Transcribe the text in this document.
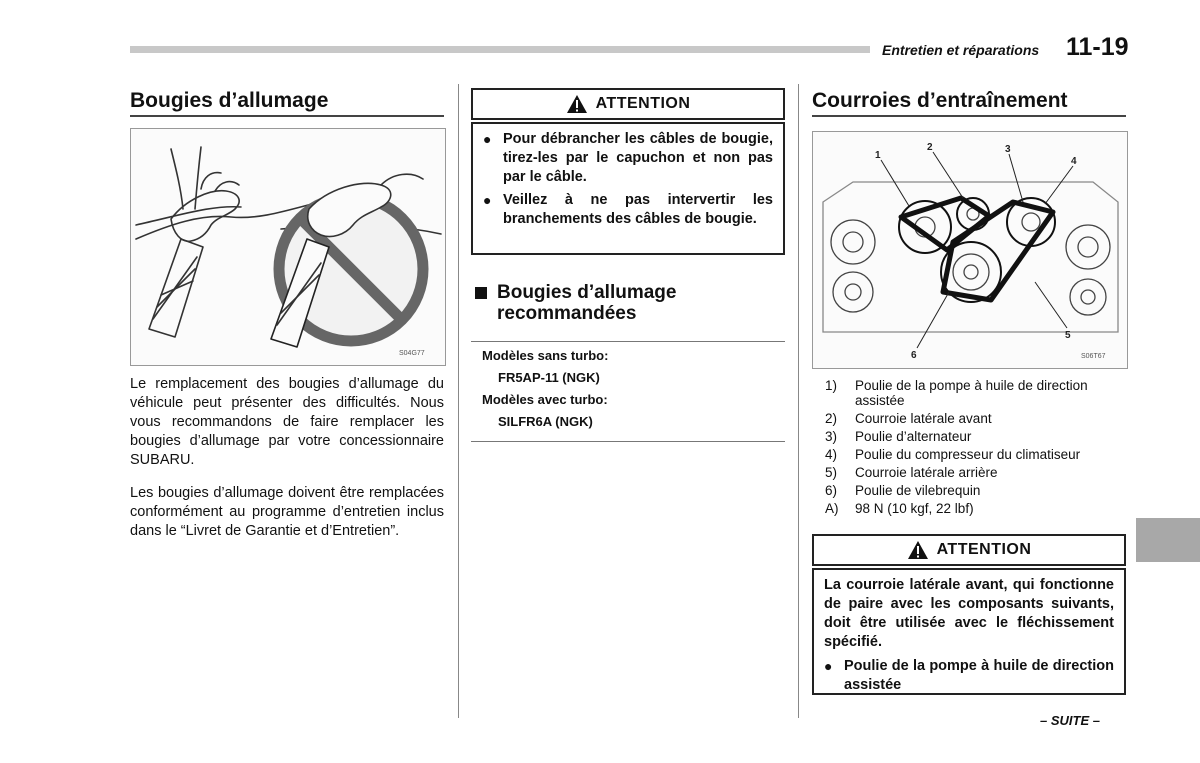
Entretien et réparations 11-19
Bougies d’allumage
S04G77
Le remplacement des bougies d’allumage du véhicule peut présenter des difficultés. Nous vous recommandons de faire remplacer les bougies d’allumage par votre concessionnaire SUBARU.
Les bougies d’allumage doivent être remplacées conformément au programme d’entretien inclus dans le “Livret de Garantie et d’Entretien”.
ATTENTION
● Pour débrancher les câbles de bougie, tirez-les par le capuchon et non pas par le câble.
● Veillez à ne pas intervertir les branchements des câbles de bougie.
Bougies d’allumage recommandées
Modèles sans turbo:
FR5AP-11 (NGK)
Modèles avec turbo:
SILFR6A (NGK)
Courroies d’entraînement
1
2	3
4
5
6	S06T67
1)	Poulie de la pompe à huile de direction assistée
2)	Courroie latérale avant
3)	Poulie d’alternateur
4)	Poulie du compresseur du climatiseur
5)	Courroie latérale arrière
6)	Poulie de vilebrequin
A)	98 N (10 kgf, 22 lbf)
ATTENTION
La courroie latérale avant, qui fonctionne de paire avec les composants suivants, doit être utilisée avec le fléchissement spécifié.
● Poulie de la pompe à huile de direction assistée
– SUITE –
